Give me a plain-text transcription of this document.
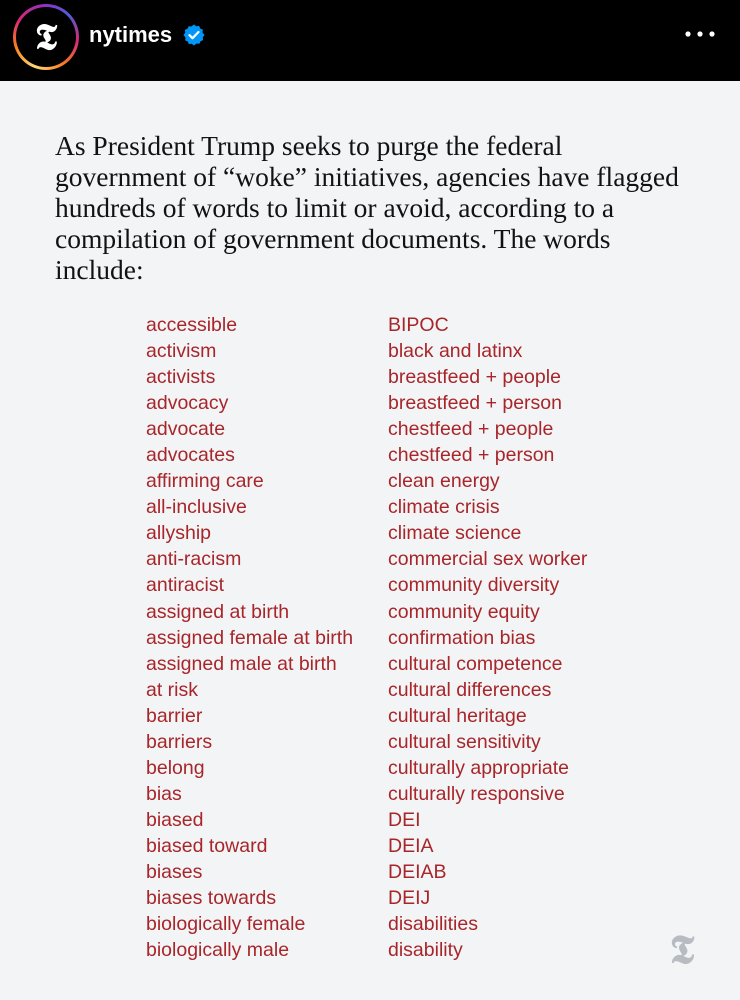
𝕿	nytimes

As President Trump seeks to purge the federal government of “woke” initiatives, agencies have flagged hundreds of words to limit or avoid, according to a compilation of government documents. The words include:

accessible
activism
activists
advocacy
advocate
advocates
affirming care
all-inclusive
allyship
anti-racism
antiracist
assigned at birth
assigned female at birth
assigned male at birth
at risk
barrier
barriers
belong
bias
biased
biased toward
biases
biases towards
biologically female
biologically male
BIPOC
black and latinx
breastfeed + people
breastfeed + person
chestfeed + people
chestfeed + person
clean energy
climate crisis
climate science
commercial sex worker
community diversity
community equity
confirmation bias
cultural competence
cultural differences
cultural heritage
cultural sensitivity
culturally appropriate
culturally responsive
DEI
DEIA
DEIAB
DEIJ
disabilities
disability	𝕿
